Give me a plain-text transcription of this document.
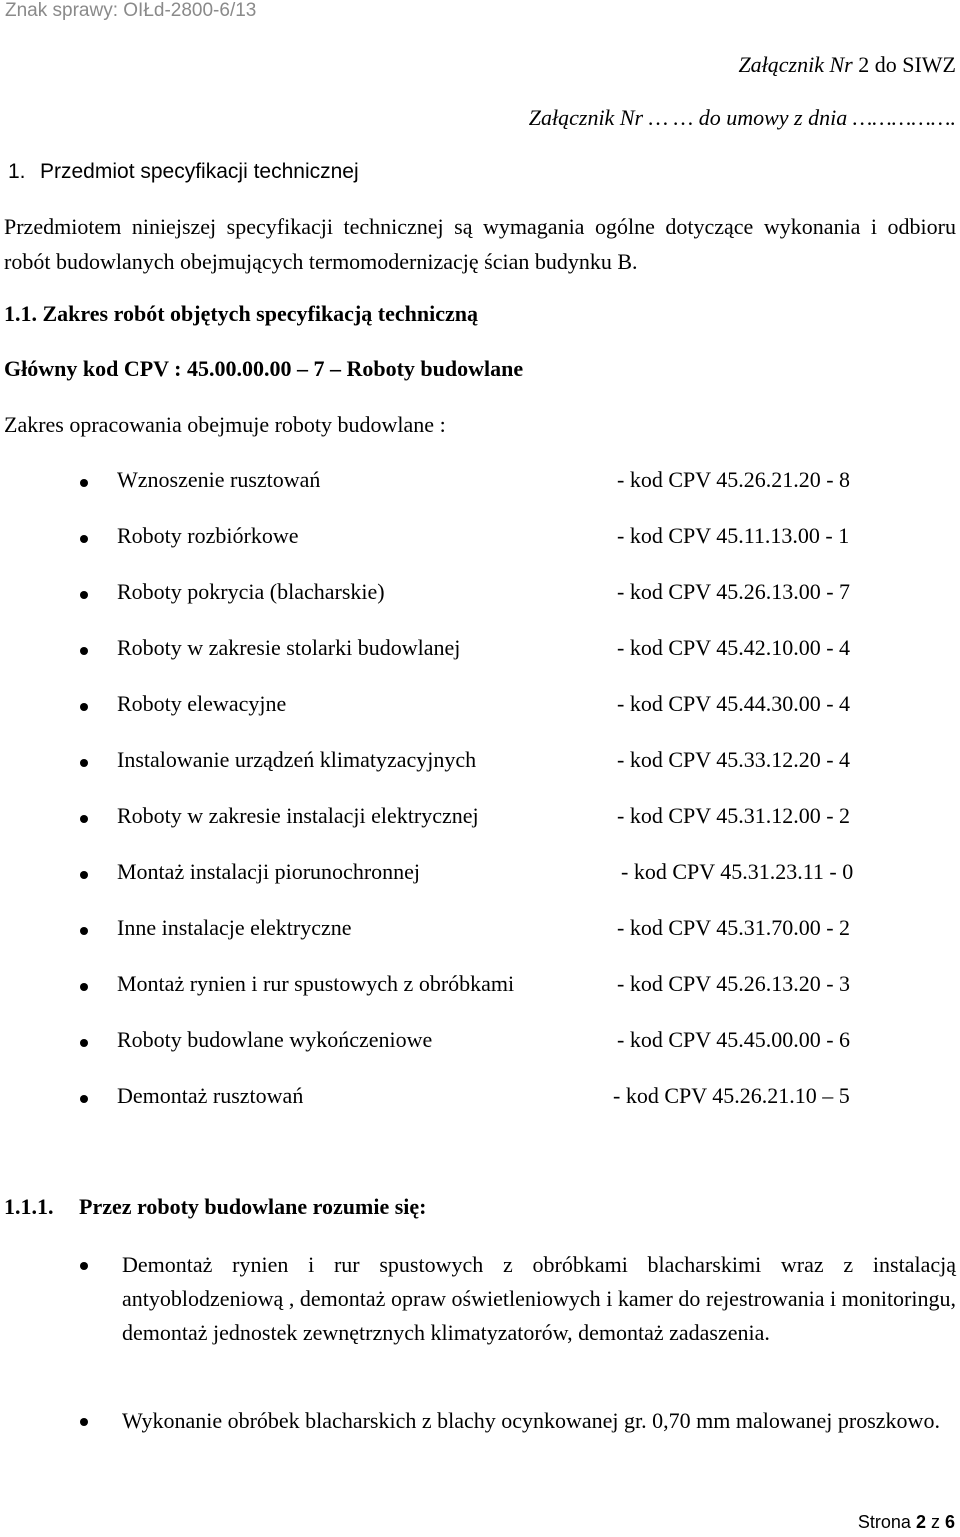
Znak sprawy: OIŁd-2800-6/13
Załącznik Nr 2 do SIWZ
Załącznik Nr … … do umowy z dnia …………….
1. Przedmiot specyfikacji technicznej
Przedmiotem niniejszej specyfikacji technicznej są wymagania ogólne dotyczące wykonania i odbioru robót budowlanych obejmujących termomodernizację ścian budynku B.
1.1. Zakres robót objętych specyfikacją techniczną
Główny kod CPV : 45.00.00.00 – 7 – Roboty budowlane
Zakres opracowania obejmuje roboty budowlane :
Wznoszenie rusztowań	- kod CPV 45.26.21.20 - 8
Roboty rozbiórkowe	- kod CPV 45.11.13.00 - 1
Roboty pokrycia (blacharskie)	- kod CPV 45.26.13.00 - 7
Roboty w zakresie stolarki budowlanej	- kod CPV 45.42.10.00 - 4
Roboty elewacyjne	- kod CPV 45.44.30.00 - 4
Instalowanie urządzeń klimatyzacyjnych	- kod CPV 45.33.12.20 - 4
Roboty w zakresie instalacji elektrycznej	- kod CPV 45.31.12.00 - 2
Montaż instalacji piorunochronnej	- kod CPV 45.31.23.11 - 0
Inne instalacje elektryczne	- kod CPV 45.31.70.00 - 2
Montaż rynien i rur spustowych z obróbkami	- kod CPV 45.26.13.20 - 3
Roboty budowlane wykończeniowe	- kod CPV 45.45.00.00 - 6
Demontaż rusztowań	- kod CPV 45.26.21.10 – 5
1.1.1. Przez roboty budowlane rozumie się:
Demontaż rynien i rur spustowych z obróbkami blacharskimi wraz z instalacją antyoblodzeniową , demontaż opraw oświetleniowych i kamer do rejestrowania i monitoringu, demontaż jednostek zewnętrznych klimatyzatorów, demontaż zadaszenia.
Wykonanie obróbek blacharskich z blachy ocynkowanej gr. 0,70 mm malowanej proszkowo.
Strona 2 z 6
